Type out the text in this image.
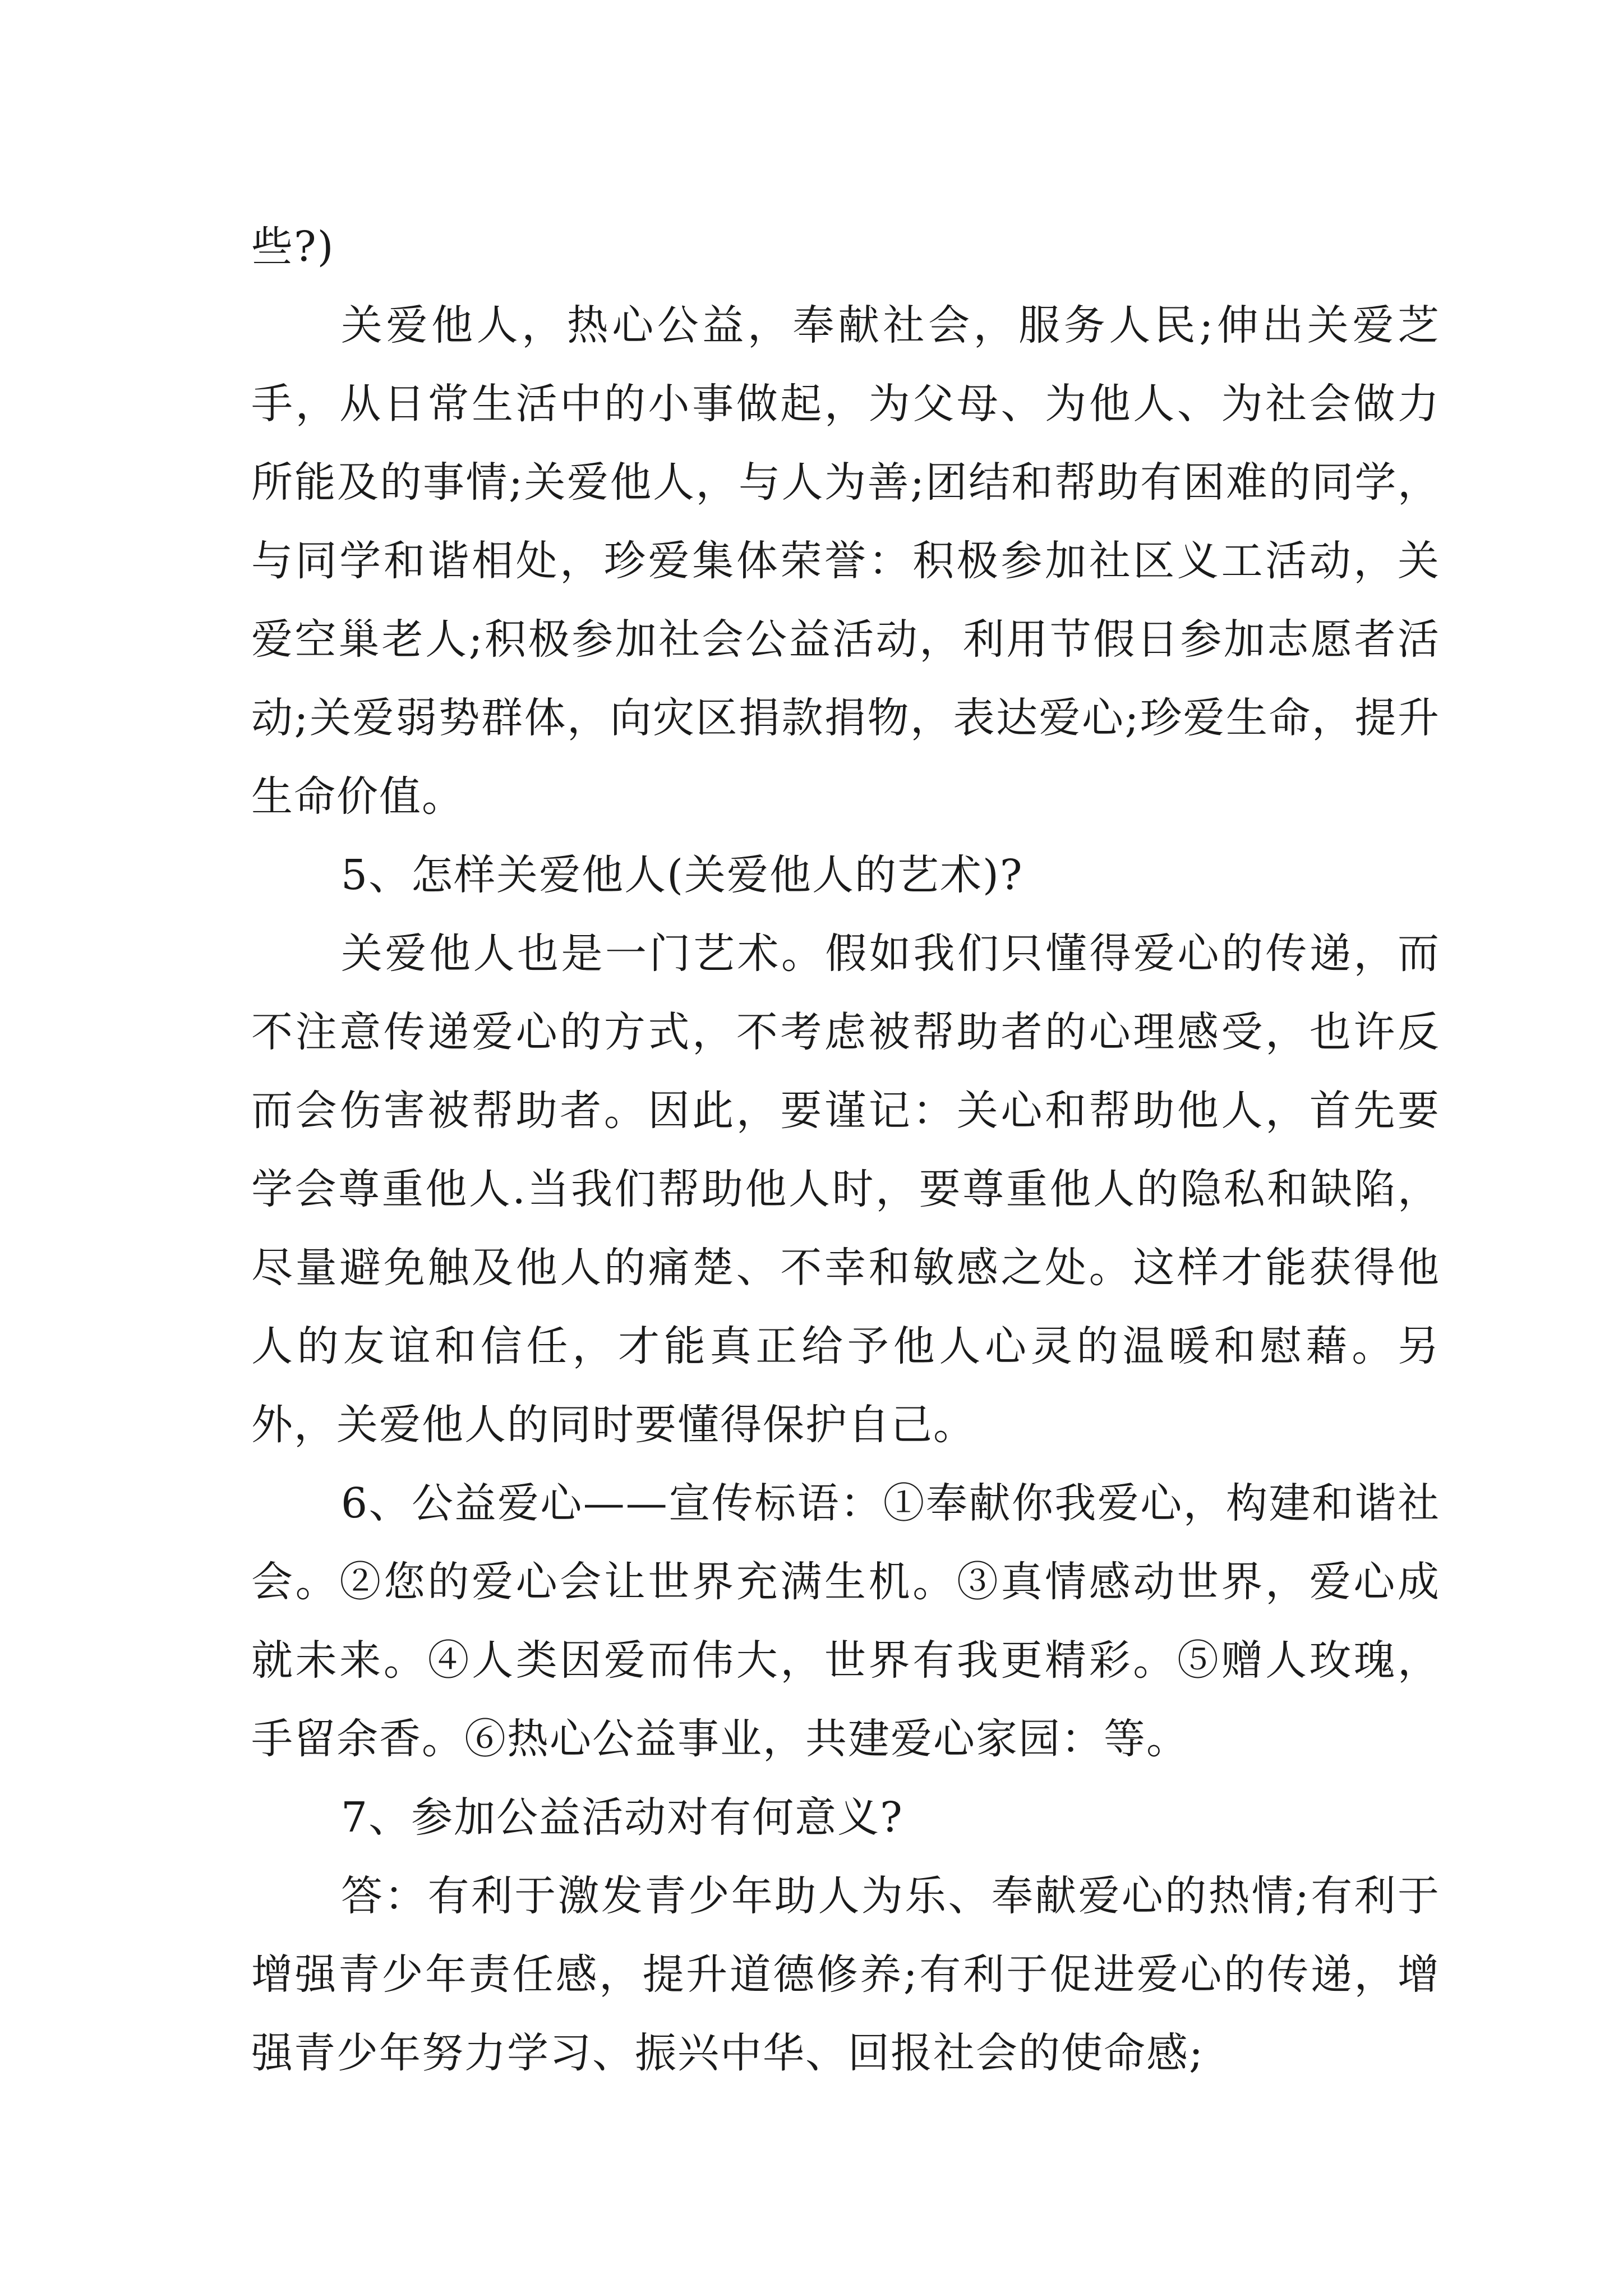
些?)

关爱他人，热心公益，奉献社会，服务人民;伸出关爱芝手，从日常生活中的小事做起，为父母、为他人、为社会做力所能及的事情;关爱他人，与人为善;团结和帮助有困难的同学，与同学和谐相处，珍爱集体荣誉：积极参加社区义工活动，关爱空巢老人;积极参加社会公益活动，利用节假日参加志愿者活动;关爱弱势群体，向灾区捐款捐物，表达爱心;珍爱生命，提升生命价值。

5、怎样关爱他人(关爱他人的艺术)?

关爱他人也是一门艺术。假如我们只懂得爱心的传递，而不注意传递爱心的方式，不考虑被帮助者的心理感受，也许反而会伤害被帮助者。因此，要谨记：关心和帮助他人，首先要学会尊重他人.当我们帮助他人时，要尊重他人的隐私和缺陷，尽量避免触及他人的痛楚、不幸和敏感之处。这样才能获得他人的友谊和信任，才能真正给予他人心灵的温暖和慰藉。另外，关爱他人的同时要懂得保护自己。

6、公益爱心——宣传标语：①奉献你我爱心，构建和谐社会。②您的爱心会让世界充满生机。③真情感动世界，爱心成就未来。④人类因爱而伟大，世界有我更精彩。⑤赠人玫瑰，手留余香。⑥热心公益事业，共建爱心家园：等。

7、参加公益活动对有何意义?

答：有利于激发青少年助人为乐、奉献爱心的热情;有利于增强青少年责任感，提升道德修养;有利于促进爱心的传递，增强青少年努力学习、振兴中华、回报社会的使命感;
